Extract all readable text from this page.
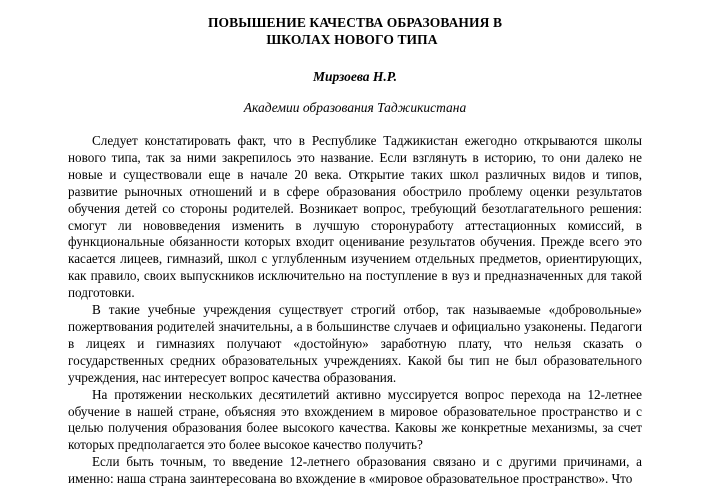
ПОВЫШЕНИЕ КАЧЕСТВА ОБРАЗОВАНИЯ В
ШКОЛАХ НОВОГО ТИПА

Мирзоева Н.Р.

Академии образования Таджикистана

Следует констатировать факт, что в Республике Таджикистан ежегодно открываются школы нового типа, так за ними закрепилось это название. Если взглянуть в историю, то они далеко не новые и существовали еще в начале 20 века. Открытие таких школ различных видов и типов, развитие рыночных отношений и в сфере образования обострило проблему оценки результатов обучения детей со стороны родителей. Возникает вопрос, требующий безотлагательного решения: смогут ли нововведения изменить в лучшую сторонуработу аттестационных комиссий, в функциональные обязанности которых входит оценивание результатов обучения. Прежде всего это касается лицеев, гимназий, школ с углубленным изучением отдельных предметов, ориентирующих, как правило, своих выпускников исключительно на поступление в вуз и предназначенных для такой подготовки.

В такие учебные учреждения существует строгий отбор, так называемые «добровольные» пожертвования родителей значительны, а в большинстве случаев и официально узаконены. Педагоги в лицеях и гимназиях получают «достойную» заработную плату, что нельзя сказать о государственных средних образовательных учреждениях. Какой бы тип не был образовательного учреждения, нас интересует вопрос качества образования.

На протяжении нескольких десятилетий активно муссируется вопрос перехода на 12-летнее обучение в нашей стране, объясняя это вхождением в мировое образовательное пространство и с целью получения образования более высокого качества. Каковы же конкретные механизмы, за счет которых предполагается это более высокое качество получить?

Если быть точным, то введение 12-летнего образования связано и с другими причинами, а именно: наша страна заинтересована во вхождение в «мировое образовательное пространство». Что
